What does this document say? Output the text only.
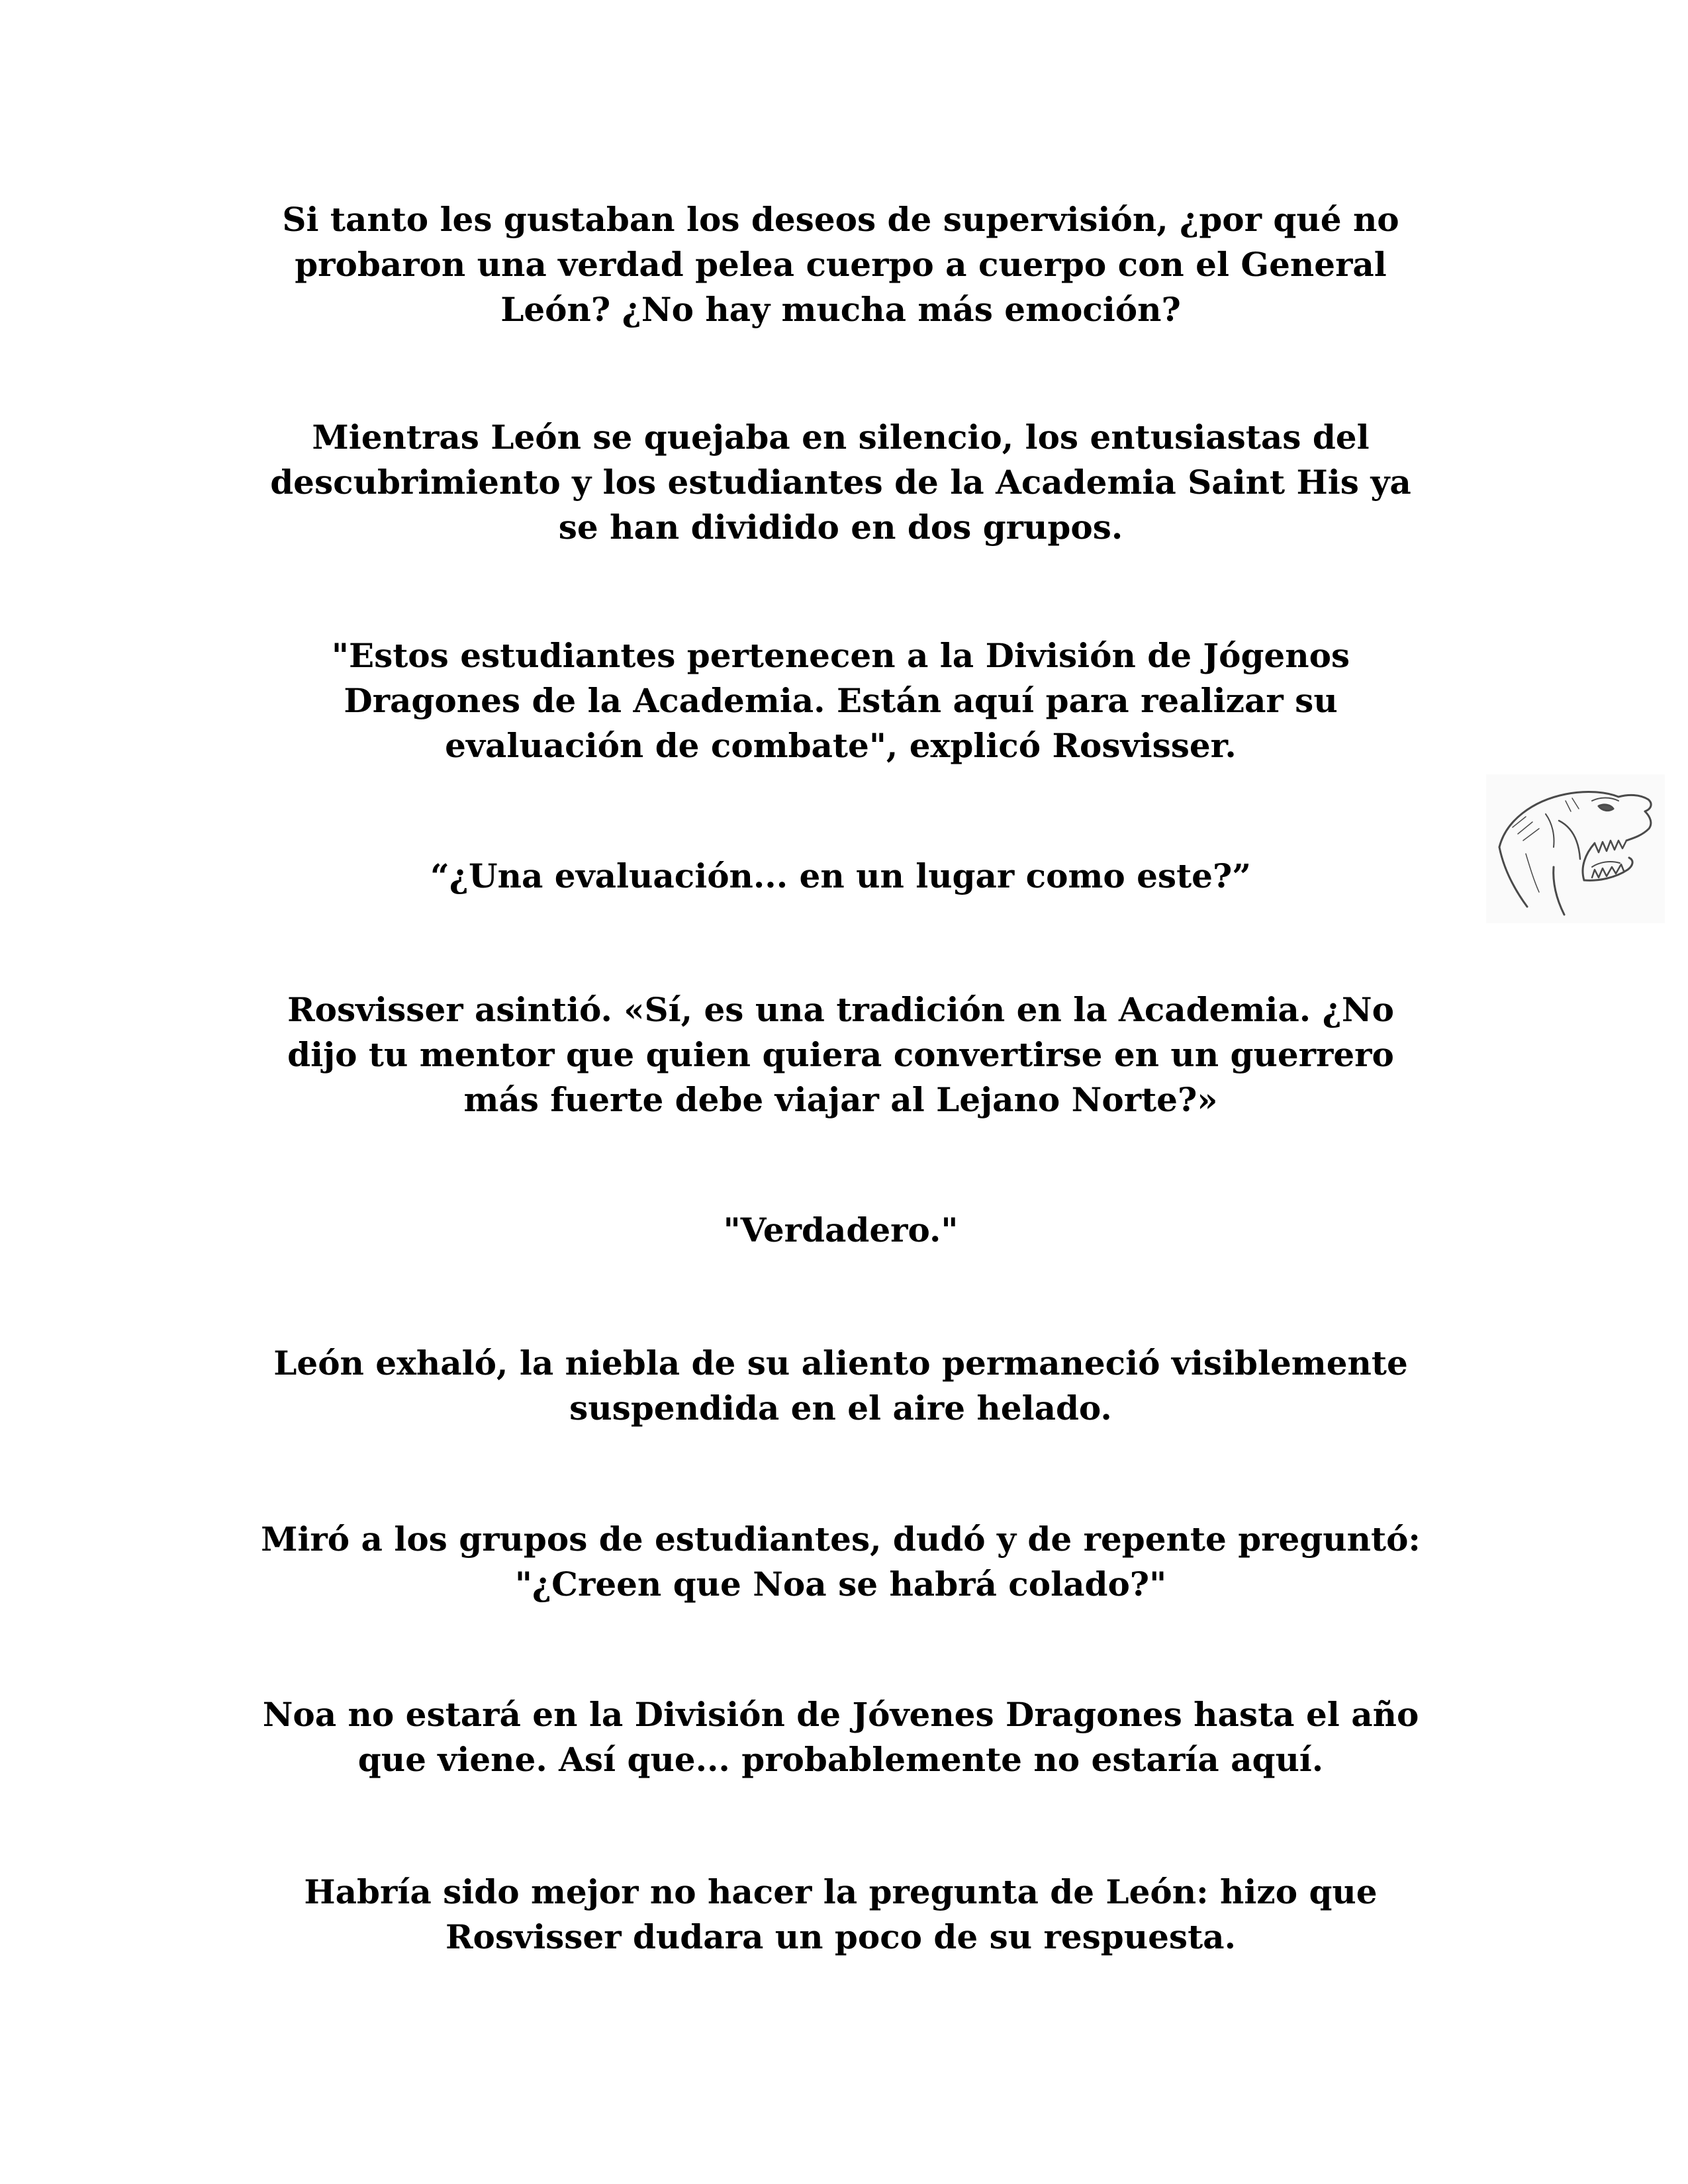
Si tanto les gustaban los deseos de supervisión, ¿por qué no
probaron una verdad pelea cuerpo a cuerpo con el General
León? ¿No hay mucha más emoción?

Mientras León se quejaba en silencio, los entusiastas del
descubrimiento y los estudiantes de la Academia Saint His ya
se han dividido en dos grupos.

"Estos estudiantes pertenecen a la División de Jógenos
Dragones de la Academia. Están aquí para realizar su
evaluación de combate", explicó Rosvisser.

“¿Una evaluación... en un lugar como este?”

Rosvisser asintió. «Sí, es una tradición en la Academia. ¿No
dijo tu mentor que quien quiera convertirse en un guerrero
más fuerte debe viajar al Lejano Norte?»

"Verdadero."

León exhaló, la niebla de su aliento permaneció visiblemente
suspendida en el aire helado.

Miró a los grupos de estudiantes, dudó y de repente preguntó:
"¿Creen que Noa se habrá colado?"

Noa no estará en la División de Jóvenes Dragones hasta el año
que viene. Así que... probablemente no estaría aquí.

Habría sido mejor no hacer la pregunta de León: hizo que
Rosvisser dudara un poco de su respuesta.
